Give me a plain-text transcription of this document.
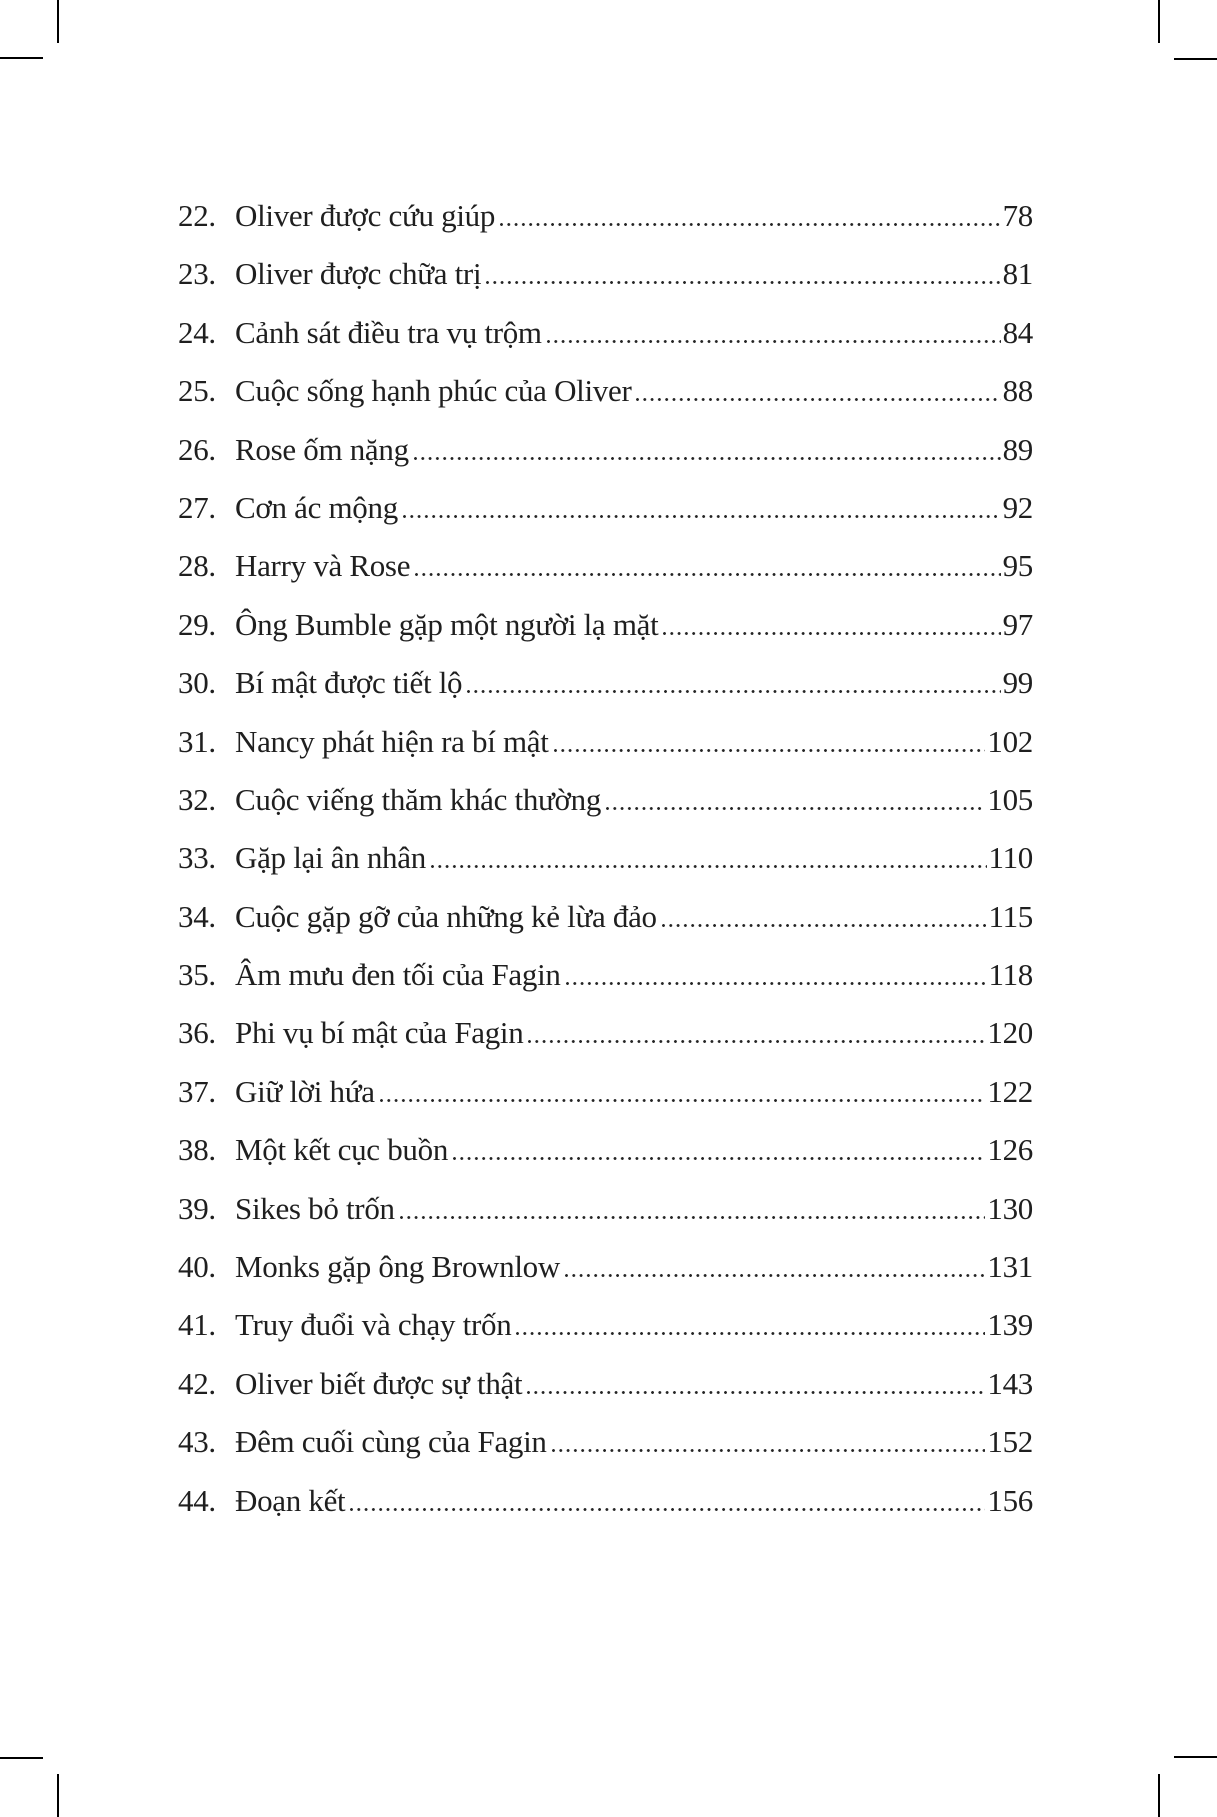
22. Oliver được cứu giúp	78
23. Oliver được chữa trị	81
24. Cảnh sát điều tra vụ trộm	84
25. Cuộc sống hạnh phúc của Oliver	88
26. Rose ốm nặng	89
27. Cơn ác mộng	92
28. Harry và Rose	95
29. Ông Bumble gặp một người lạ mặt	97
30. Bí mật được tiết lộ	99
31. Nancy phát hiện ra bí mật	102
32. Cuộc viếng thăm khác thường	105
33. Gặp lại ân nhân	110
34. Cuộc gặp gỡ của những kẻ lừa đảo	115
35. Âm mưu đen tối của Fagin	118
36. Phi vụ bí mật của Fagin	120
37. Giữ lời hứa	122
38. Một kết cục buồn	126
39. Sikes bỏ trốn	130
40. Monks gặp ông Brownlow	131
41. Truy đuổi và chạy trốn	139
42. Oliver biết được sự thật	143
43. Đêm cuối cùng của Fagin	152
44. Đoạn kết	156
